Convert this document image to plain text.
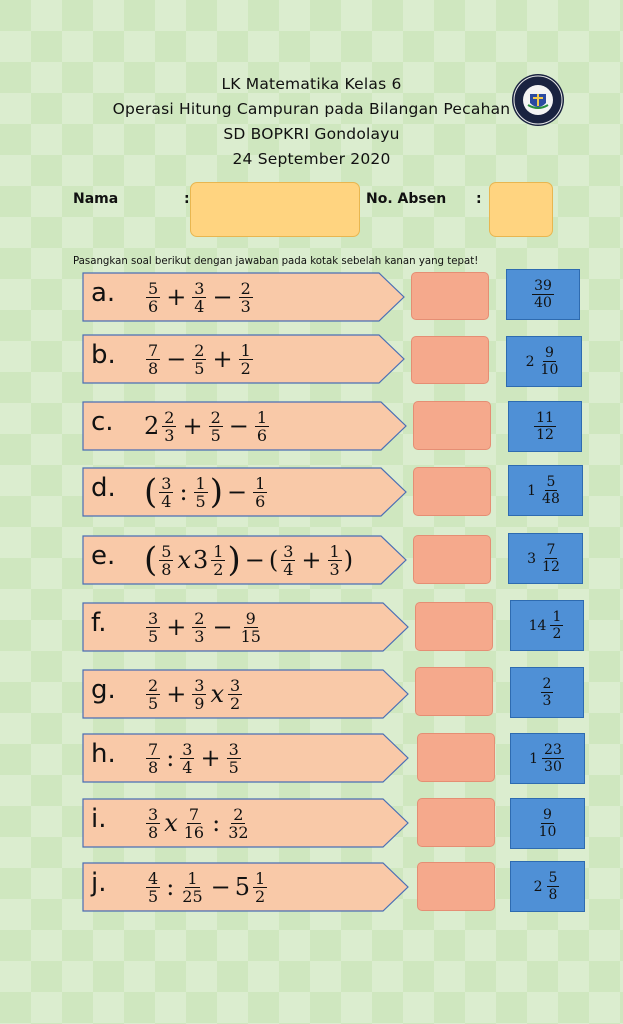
LK Matematika Kelas 6
Operasi Hitung Campuran pada Bilangan Pecahan
SD BOPKRI Gondolayu
24 September 2020
Nama	:	No. Absen :
Pasangkan soal berikut dengan jawaban pada kotak sebelah kanan yang tepat!
a. $\frac{5}{6} + \frac{3}{4} - \frac{2}{3}$
b. $\frac{7}{8} - \frac{2}{5} + \frac{1}{2}$
c. $2 \frac{2}{3} + \frac{2}{5} - \frac{1}{6}$
d. ( $\frac{3}{4}$ : $\frac{1}{5}$ ) − $\frac{1}{6}$
e. ( $\frac{5}{8}$ x $3 \frac{1}{2}$ ) − ( $\frac{3}{4} + \frac{1}{3}$ )
f. $\frac{3}{5} + \frac{2}{3} - \frac{9}{15}$
g. $\frac{2}{5} + \frac{3}{9}$ x $\frac{3}{2}$
h. $\frac{7}{8}$ : $\frac{3}{4} + \frac{3}{5}$
i. $\frac{3}{8}$ x $\frac{7}{16}$ : $\frac{2}{32}$
j. $\frac{4}{5}$ : $\frac{1}{25} - 5 \frac{1}{2}$
$\frac{39}{40}$
$2 \frac{9}{10}$
$\frac{11}{12}$
$1 \frac{5}{48}$
$3 \frac{7}{12}$
$14 \frac{1}{2}$
$\frac{2}{3}$
$1 \frac{23}{30}$
$\frac{9}{10}$
$2 \frac{5}{8}$
